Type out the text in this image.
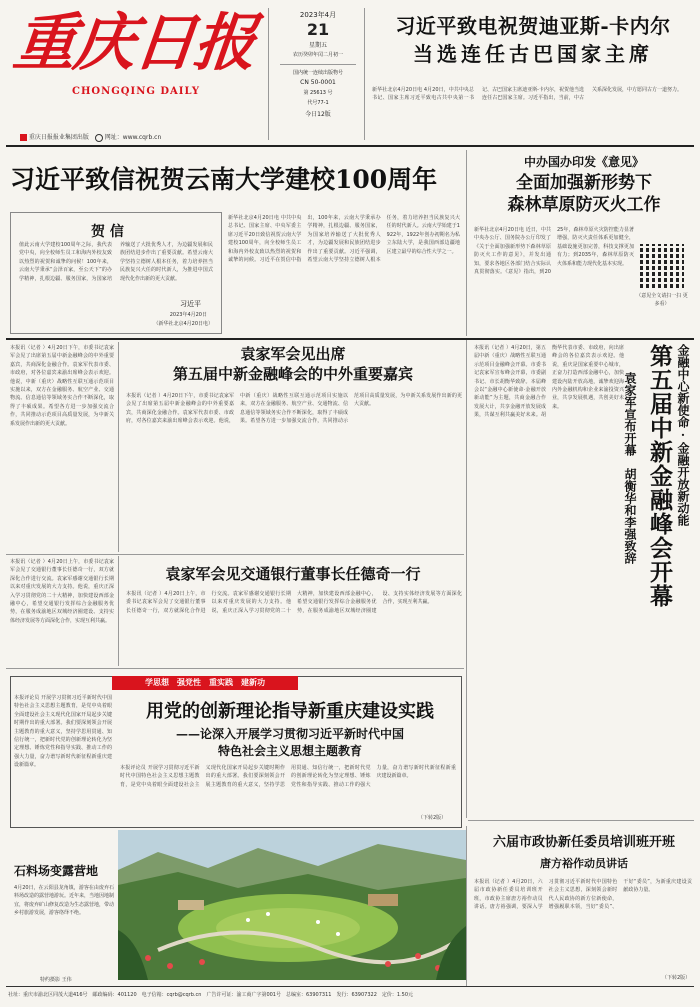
重庆日报
CHONGQING DAILY
重庆日报报业集团出版	网址：www.cqrb.cn
2023年4月
21
星期五
农历癸卯年闰二月初一
国内统一连续出版物号
CN 50-0001
第 25613 号
代号77-1
今日12版
习近平致电祝贺迪亚斯-卡内尔
当选连任古巴国家主席
新华社北京4月20日电 4月20日，中共中央总书记、国家主席习近平致电古共中央第一书记、古巴国家主席迪亚斯-卡内尔，祝贺他当选连任古巴国家主席。习近平指出，当前，中古关系深化发展，中方愿同古方一道努力。
习近平致信祝贺云南大学建校100周年
贺 信
值此云南大学建校100周年之际，我代表党中央，向全校师生员工和海内外校友致以热烈的祝贺和诚挚的问候！100年来，云南大学秉承“会泽百家，至公天下”的办学精神，扎根边疆、服务国家，为国家培养输送了大批优秀人才，为边疆发展和民族团结进步作出了重要贡献。希望云南大学坚持立德树人根本任务，着力培养担当民族复兴大任的时代新人，为推进中国式现代化作出新的更大贡献。
习近平
2023年4月20日
（新华社北京4月20日电）
新华社北京4月20日电 中共中央总书记、国家主席、中央军委主席习近平20日致信祝贺云南大学建校100周年，向全校师生员工和海内外校友致以热烈的祝贺和诚挚的问候。习近平在贺信中指出，100年来，云南大学秉承办学精神，扎根边疆、服务国家，为国家培养输送了大批优秀人才，为边疆发展和民族团结进步作出了重要贡献。习近平强调，希望云南大学坚持立德树人根本任务，着力培养担当民族复兴大任的时代新人。云南大学始建于1922年，1922年创办初期名为私立东陆大学，是我国西部边疆地区建立最早的综合性大学之一。
中办国办印发《意见》
全面加强新形势下
森林草原防灭火工作
新华社北京4月20日电 近日，中共中央办公厅、国务院办公厅印发了《关于全面加强新形势下森林草原防灭火工作的意见》，并发出通知，要求各地区各部门结合实际认真贯彻落实。《意见》指出，到2025年，森林草原火灾防控能力显著增强，防灭火责任体系更加健全，基础设施更加完善，科技支撑更加有力；到2035年，森林草原防灭火体系和能力现代化基本实现。
（意见全文请扫一扫 更多看）
本报讯（记者 ）4月20日，第五届中新（重庆）战略性互联互通示范项目金融峰会开幕。市委书记袁家军宣布峰会开幕，市委副书记、市长胡衡华致辞。本届峰会以“金融中心新使命·金融开放新动能”为主题，共商金融合作发展大计，共享金融开放发展成果，共谋互利共赢美好未来。胡衡华代表市委、市政府，向出席峰会的各位嘉宾表示欢迎。他说，重庆是国家重要中心城市，正奋力打造西部金融中心，加快建设内陆开放高地，诚挚欢迎海内外金融机构和企业来渝投资兴业，共享发展机遇，共创美好未来。	袁家军宣布开幕　胡衡华和李强致辞 第五届中新金融峰会开幕 金融中心新使命·金融开放新动能
本报讯（记者 ）4月20日下午，市委书记袁家军会见了出席第五届中新金融峰会的中外重要嘉宾，共商深化金融合作。袁家军代表市委、市政府，对各位嘉宾来渝出席峰会表示欢迎。他说，中新（重庆）战略性互联互通示范项目实施以来，双方在金融服务、航空产业、交通物流、信息通信等领域务实合作不断深化，取得了丰硕成果。希望各方进一步加强交流合作，共同推动示范项目高质量发展，为中新关系发展作出新的更大贡献。
袁家军会见出席
第五届中新金融峰会的中外重要嘉宾
本报讯（记者 ）4月20日下午，市委书记袁家军会见了出席第五届中新金融峰会的中外重要嘉宾，共商深化金融合作。袁家军代表市委、市政府，对各位嘉宾来渝出席峰会表示欢迎。他说，中新（重庆）战略性互联互通示范项目实施以来，双方在金融服务、航空产业、交通物流、信息通信等领域务实合作不断深化，取得了丰硕成果。希望各方进一步加强交流合作，共同推动示范项目高质量发展，为中新关系发展作出新的更大贡献。
本报讯（记者 ）4月20日上午，市委书记袁家军会见了交通银行董事长任德奇一行，双方就深化合作进行交流。袁家军感谢交通银行长期以来对重庆发展的大力支持。他说，重庆正深入学习贯彻党的二十大精神，加快建设西部金融中心，希望交通银行发挥综合金融服务优势，在服务成渝地区双城经济圈建设、支持实体经济发展等方面深化合作，实现互利共赢。
袁家军会见交通银行董事长任德奇一行
本报讯（记者 ）4月20日上午，市委书记袁家军会见了交通银行董事长任德奇一行，双方就深化合作进行交流。袁家军感谢交通银行长期以来对重庆发展的大力支持。他说，重庆正深入学习贯彻党的二十大精神，加快建设西部金融中心，希望交通银行发挥综合金融服务优势，在服务成渝地区双城经济圈建设、支持实体经济发展等方面深化合作，实现互利共赢。
学思想　强党性　重实践　建新功
本报评论员 开展学习贯彻习近平新时代中国特色社会主义思想主题教育，是党中央着眼全面建设社会主义现代化国家开局起步关键时期作出的重大部署。我们要深刻领会开展主题教育的重大意义，坚持学思用贯通、知信行统一，把新时代党的创新理论转化为坚定理想、锤炼党性和指导实践、推动工作的强大力量，奋力谱写新时代新征程新重庆建设新篇章。
用党的创新理论指导新重庆建设实践
——论深入开展学习贯彻习近平新时代中国
特色社会主义思想主题教育
本报评论员 开展学习贯彻习近平新时代中国特色社会主义思想主题教育，是党中央着眼全面建设社会主义现代化国家开局起步关键时期作出的重大部署。我们要深刻领会开展主题教育的重大意义，坚持学思用贯通、知信行统一，把新时代党的创新理论转化为坚定理想、锤炼党性和指导实践、推动工作的强大力量，奋力谱写新时代新征程新重庆建设新篇章。
（下转2版）
石料场变露营地
4月20日，在云阳县龙角镇，游客在由废弃石料场改造的露营地游玩。近年来，当地因地制宜，将废弃矿山修复改造为生态露营地，带动乡村旅游发展，游客络绎不绝。
特约摄影 王伟
六届市政协新任委员培训班开班
唐方裕作动员讲话
本报讯（记者 ）4月20日，六届市政协新任委员培训班开班，市政协主席唐方裕作动员讲话。唐方裕强调，要深入学习贯彻习近平新时代中国特色社会主义思想，深刻领会新时代人民政协的新方位新使命，增强履职本领，当好“委员”、干好“委员”，为新重庆建设贡献政协力量。
（下转2版）
社址：重庆市渝北区同茂大道416号　邮政编码：401120　电子信箱：cqrb@cqrb.cn　广告许可证：渝工商广字第001号　总编室：63907311　发行：63907322　定价：1.50元
